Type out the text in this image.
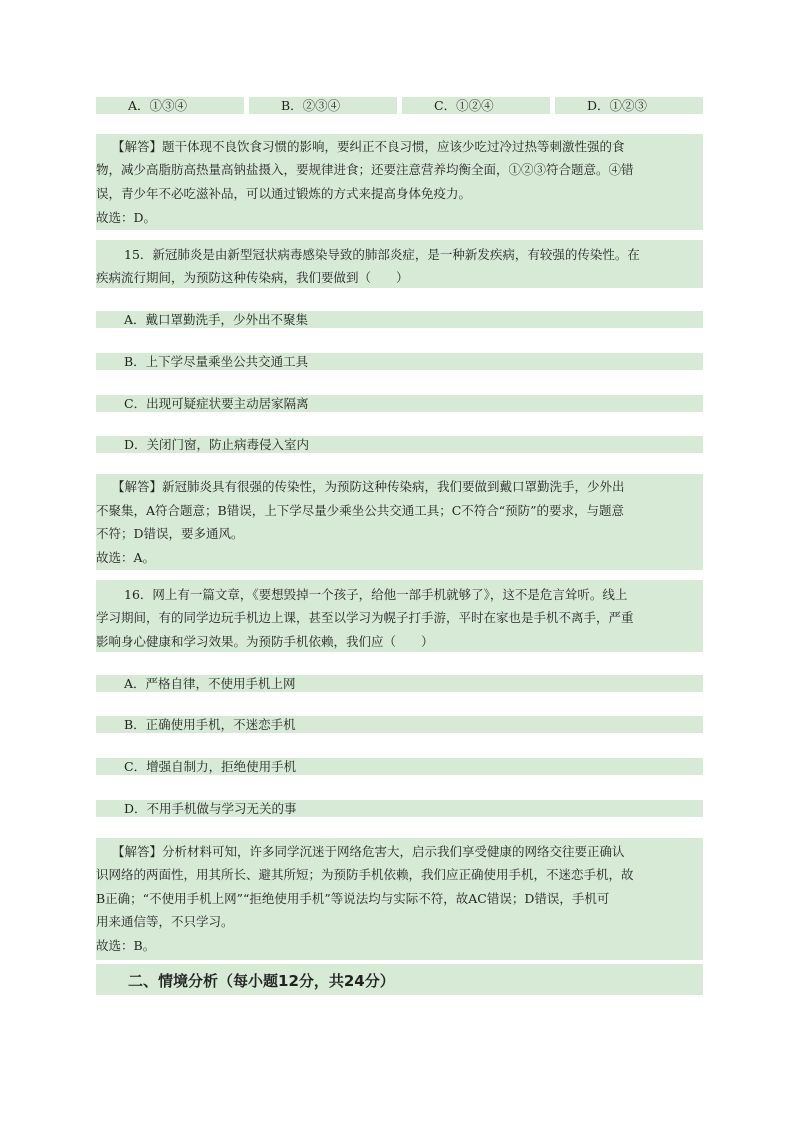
A．①③④	B．②③④	C．①②④	D．①②③
【解答】题干体现不良饮食习惯的影响，要纠正不良习惯，应该少吃过冷过热等刺激性强的食
物，减少高脂肪高热量高钠盐摄入，要规律进食；还要注意营养均衡全面，①②③符合题意。④错
误，青少年不必吃滋补品，可以通过锻炼的方式来提高身体免疫力。
故选：D。
15．新冠肺炎是由新型冠状病毒感染导致的肺部炎症，是一种新发疾病，有较强的传染性。在
疾病流行期间，为预防这种传染病，我们要做到（　　）
A．戴口罩勤洗手，少外出不聚集
B．上下学尽量乘坐公共交通工具
C．出现可疑症状要主动居家隔离
D．关闭门窗，防止病毒侵入室内
【解答】新冠肺炎具有很强的传染性，为预防这种传染病，我们要做到戴口罩勤洗手，少外出
不聚集，A符合题意；B错误，上下学尽量少乘坐公共交通工具；C不符合“预防”的要求，与题意
不符；D错误，要多通风。
故选：A。
16．网上有一篇文章，《要想毁掉一个孩子，给他一部手机就够了》，这不是危言耸听。线上
学习期间，有的同学边玩手机边上课，甚至以学习为幌子打手游，平时在家也是手机不离手，严重
影响身心健康和学习效果。为预防手机依赖，我们应（　　）
A．严格自律，不使用手机上网
B．正确使用手机，不迷恋手机
C．增强自制力，拒绝使用手机
D．不用手机做与学习无关的事
【解答】分析材料可知，许多同学沉迷于网络危害大，启示我们享受健康的网络交往要正确认
识网络的两面性，用其所长、避其所短；为预防手机依赖，我们应正确使用手机，不迷恋手机，故
B正确；“不使用手机上网”“拒绝使用手机”等说法均与实际不符，故AC错误；D错误，手机可
用来通信等，不只学习。
故选：B。
二、情境分析（每小题12分，共24分）
